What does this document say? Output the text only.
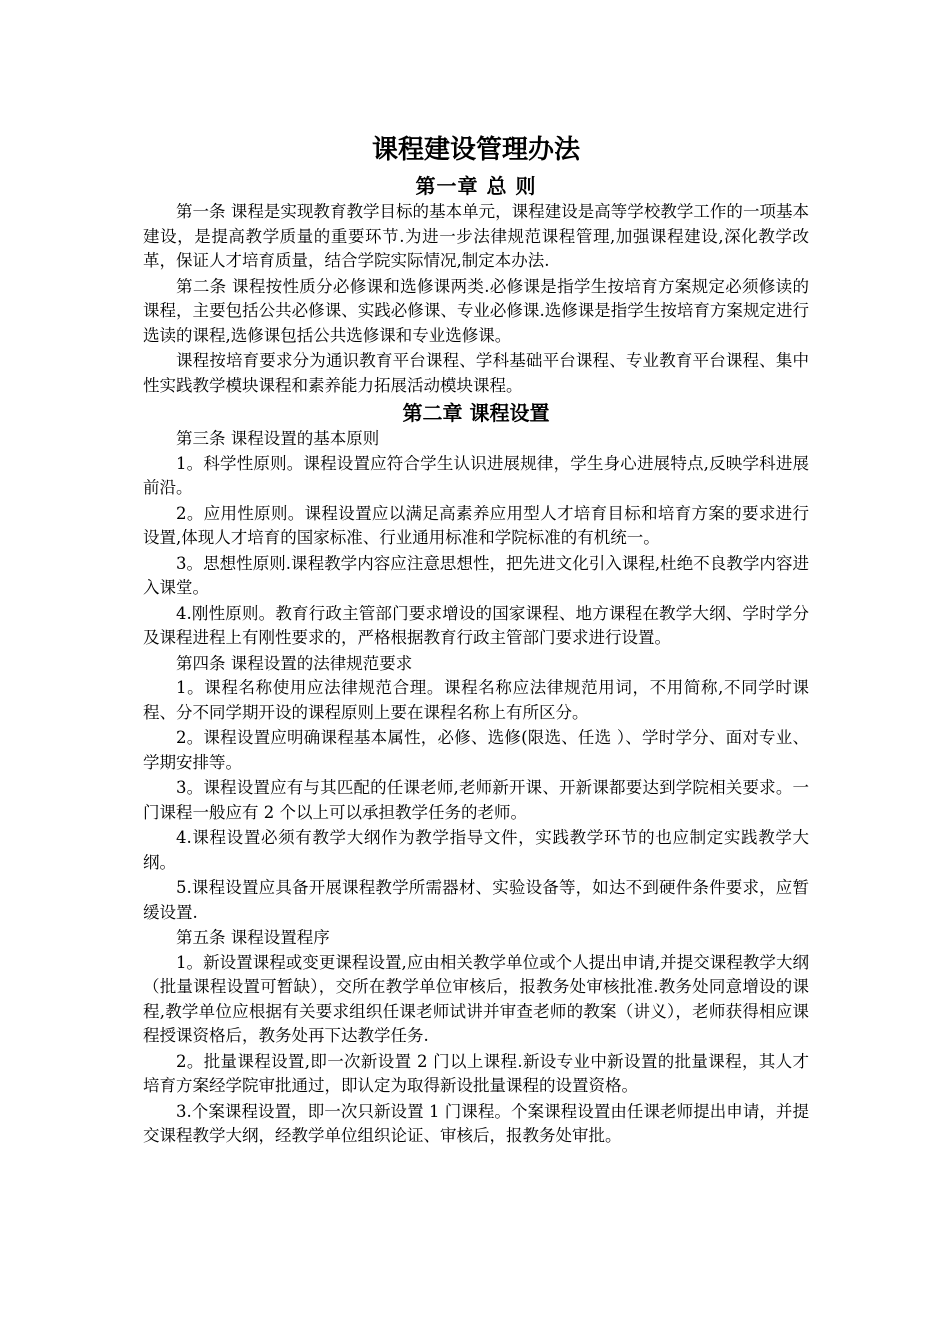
课程建设管理办法
第一章 总 则

第一条 课程是实现教育教学目标的基本单元，课程建设是高等学校教学工作的一项基本建设，是提高教学质量的重要环节.为进一步法律规范课程管理,加强课程建设,深化教学改革，保证人才培育质量，结合学院实际情况,制定本办法.

第二条 课程按性质分必修课和选修课两类.必修课是指学生按培育方案规定必须修读的课程，主要包括公共必修课、实践必修课、专业必修课.选修课是指学生按培育方案规定进行选读的课程,选修课包括公共选修课和专业选修课。

课程按培育要求分为通识教育平台课程、学科基础平台课程、专业教育平台课程、集中性实践教学模块课程和素养能力拓展活动模块课程。

第二章 课程设置

第三条 课程设置的基本原则

1。科学性原则。课程设置应符合学生认识进展规律，学生身心进展特点,反映学科进展前沿。

2。应用性原则。课程设置应以满足高素养应用型人才培育目标和培育方案的要求进行设置,体现人才培育的国家标准、行业通用标准和学院标准的有机统一。

3。思想性原则.课程教学内容应注意思想性，把先进文化引入课程,杜绝不良教学内容进入课堂。

4.刚性原则。教育行政主管部门要求增设的国家课程、地方课程在教学大纲、学时学分及课程进程上有刚性要求的，严格根据教育行政主管部门要求进行设置。

第四条 课程设置的法律规范要求

1。课程名称使用应法律规范合理。课程名称应法律规范用词，不用简称,不同学时课程、分不同学期开设的课程原则上要在课程名称上有所区分。

2。课程设置应明确课程基本属性，必修、选修(限选、任选 ）、学时学分、面对专业、学期安排等。

3。课程设置应有与其匹配的任课老师,老师新开课、开新课都要达到学院相关要求。一门课程一般应有 2 个以上可以承担教学任务的老师。

4.课程设置必须有教学大纲作为教学指导文件，实践教学环节的也应制定实践教学大纲。

5.课程设置应具备开展课程教学所需器材、实验设备等，如达不到硬件条件要求，应暂缓设置.

第五条 课程设置程序

1。新设置课程或变更课程设置,应由相关教学单位或个人提出申请,并提交课程教学大纲（批量课程设置可暂缺），交所在教学单位审核后，报教务处审核批准.教务处同意增设的课程,教学单位应根据有关要求组织任课老师试讲并审查老师的教案（讲义），老师获得相应课程授课资格后，教务处再下达教学任务.

2。批量课程设置,即一次新设置 2 门以上课程.新设专业中新设置的批量课程，其人才培育方案经学院审批通过，即认定为取得新设批量课程的设置资格。

3.个案课程设置，即一次只新设置 1 门课程。个案课程设置由任课老师提出申请，并提交课程教学大纲，经教学单位组织论证、审核后，报教务处审批。
